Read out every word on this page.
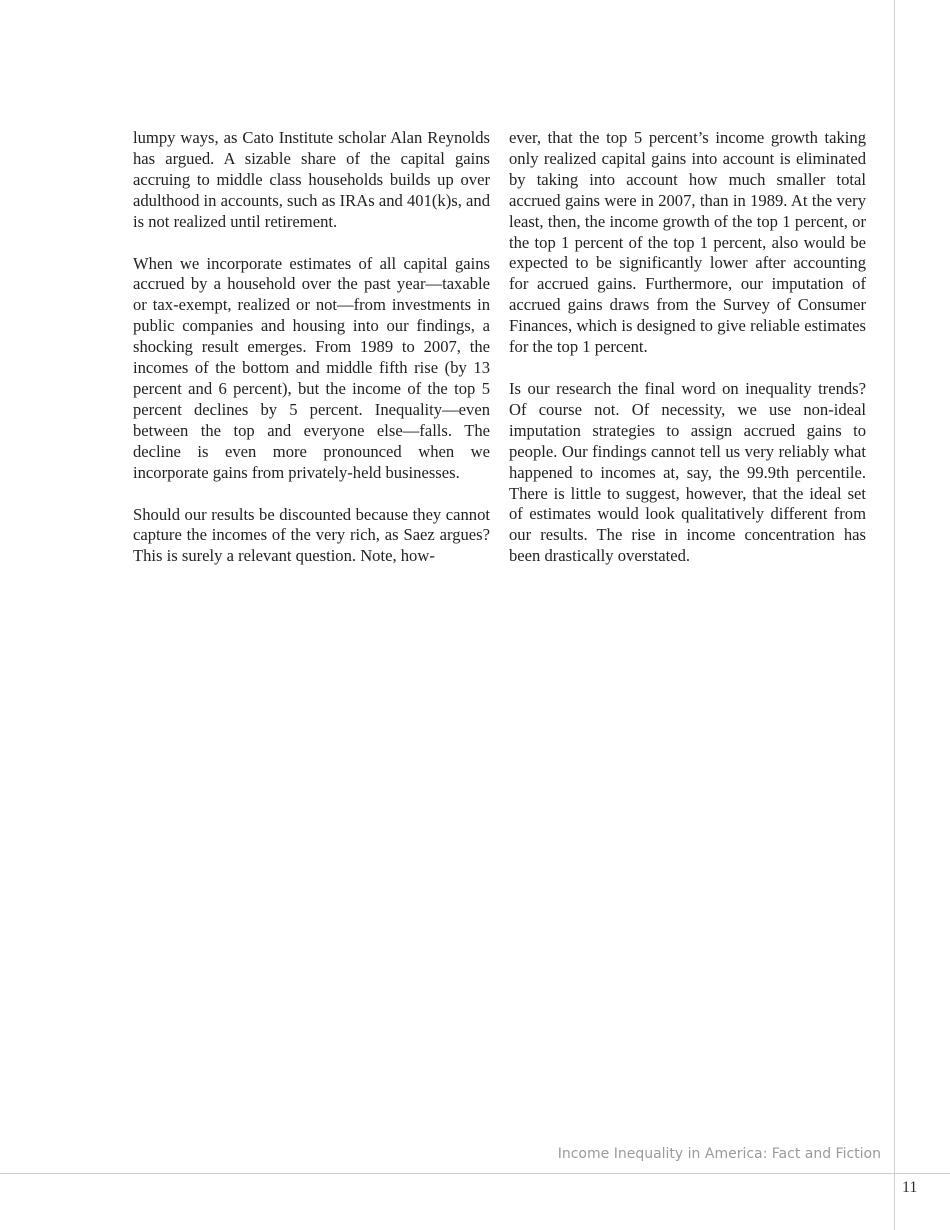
lumpy ways, as Cato Institute scholar Alan Reynolds has argued. A sizable share of the capital gains accruing to middle class households builds up over adulthood in accounts, such as IRAs and 401(k)s, and is not realized until retirement.

When we incorporate estimates of all capital gains accrued by a household over the past year—taxable or tax-exempt, realized or not—from investments in public companies and housing into our findings, a shocking result emerges. From 1989 to 2007, the incomes of the bottom and middle fifth rise (by 13 percent and 6 percent), but the income of the top 5 percent declines by 5 percent. Inequality—even between the top and everyone else—falls. The decline is even more pronounced when we incorporate gains from privately-held businesses.

Should our results be discounted because they cannot capture the incomes of the very rich, as Saez argues? This is surely a relevant question. Note, how-

ever, that the top 5 percent’s income growth taking only realized capital gains into account is eliminated by taking into account how much smaller total accrued gains were in 2007, than in 1989. At the very least, then, the income growth of the top 1 percent, or the top 1 percent of the top 1 percent, also would be expected to be significantly lower after accounting for accrued gains. Furthermore, our imputation of accrued gains draws from the Survey of Consumer Finances, which is designed to give reliable estimates for the top 1 percent.

Is our research the final word on inequality trends? Of course not. Of necessity, we use non-ideal imputation strategies to assign accrued gains to people. Our findings cannot tell us very reliably what happened to incomes at, say, the 99.9th percentile. There is little to suggest, however, that the ideal set of estimates would look qualitatively different from our results. The rise in income concentration has been drastically overstated.

Income Inequality in America: Fact and Fiction
11
